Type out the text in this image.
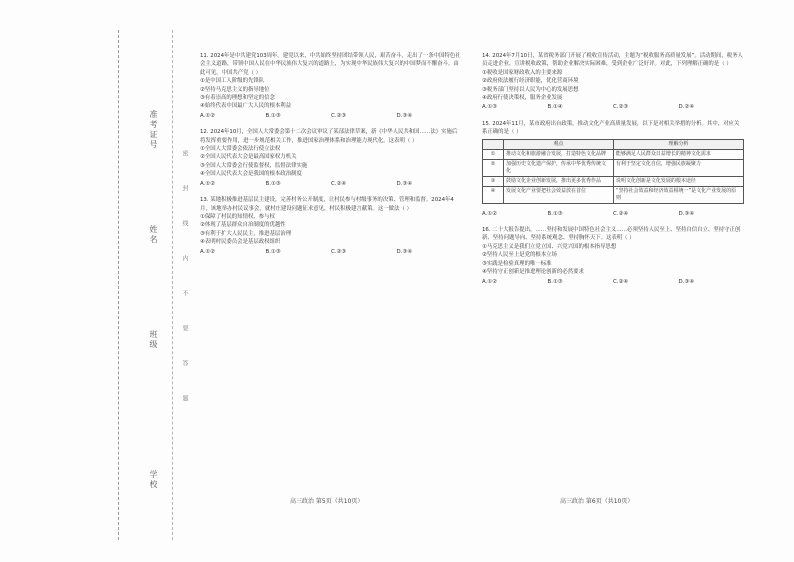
准考证号
姓名
班级
学校
密
封
线
内
不
要
答
题

11. 2024年是中共建党103周年。建党以来，中共始终坚持团结带领人民，艰苦奋斗，走出了一条中国特色社会主义道路，带领中国人民在中华民族伟大复兴的道路上，为实现中华民族伟大复兴的中国梦而不懈奋斗。由此可见，中国共产党（ ）

①是中国工人阶级的先锋队

②坚持马克思主义的指导地位

③有着崇高的理想和坚定的信念

④始终代表中国最广大人民的根本利益

A.①②	B.①③	C.②③	D.③④

12. 2024年10月，全国人大常委会第十二次会议审议了某部法律草案，新《中华人民共和国……法》实施后将发挥重要作用，进一步规范相关工作，推进国家治理体系和治理能力现代化。这表明（ ）

①全国人大常委会依法行使立法权

②全国人民代表大会是最高国家权力机关

③全国人大常委会行使监督权，监督法律实施

④全国人民代表大会是我国的根本政治制度

A.①②	B.①③	C.②④	D.③④

13. 某地积极推进基层民主建设，完善村务公开制度，让村民参与村级事务的决策、管理和监督。2024年4月，该地举办村民议事会，就村庄建设问题征求意见，村民积极建言献策。这一做法（ ）

①保障了村民的知情权、参与权

②体现了基层群众自治制度的优越性

③有利于扩大人民民主，推进基层治理

④表明村民委员会是基层政权组织

A.①②	B.①③	C.②③	D.③④
高三政治 第5页（共10页）

14. 2024年7月10日，某省税务部门开展了税收宣传活动，主题为“税收服务高质量发展”。活动期间，税务人员走进企业，宣讲税收政策，帮助企业解决实际困难，受到企业广泛好评。对此，下列理解正确的是（ ）

①税收是国家财政收入的主要来源

②政府依法履行经济职能，优化营商环境

③税务部门坚持以人民为中心的发展思想

④政府行使决策权，服务企业发展

A.①③	B.①④	C.②③	D.②④

15. 2024年11月，某市政府出台政策，推动文化产业高质量发展，以下是对相关举措的分析。其中，对应关系正确的是（ ）

	观点	理解分析
①	推动文化和旅游融合发展，打造特色文化品牌	能够满足人民群众日益增长的精神文化需求
②	加强历史文化遗产保护，传承中华优秀传统文化	有利于坚定文化自信，增强民族凝聚力
③	鼓励文化企业创新发展，推出更多优秀作品	说明文化创新是文化发展的根本途径
④	发展文化产业要把社会效益放在首位	“坚持社会效益和经济效益相统一”是文化产业发展的原则
A.①②	B.①③	C.②④	D.③④

16. 二十大报告提出，……坚持和发展中国特色社会主义……必须坚持人民至上、坚持自信自立、坚持守正创新、坚持问题导向、坚持系统观念、坚持胸怀天下。这表明（ ）

①马克思主义是我们立党立国、兴党兴国的根本指导思想

②坚持人民至上是党的根本立场

③实践是检验真理的唯一标准

④坚持守正创新是推进理论创新的必然要求

A.①②	B.①③	C.②④	D.③④
高三政治 第6页（共10页）
